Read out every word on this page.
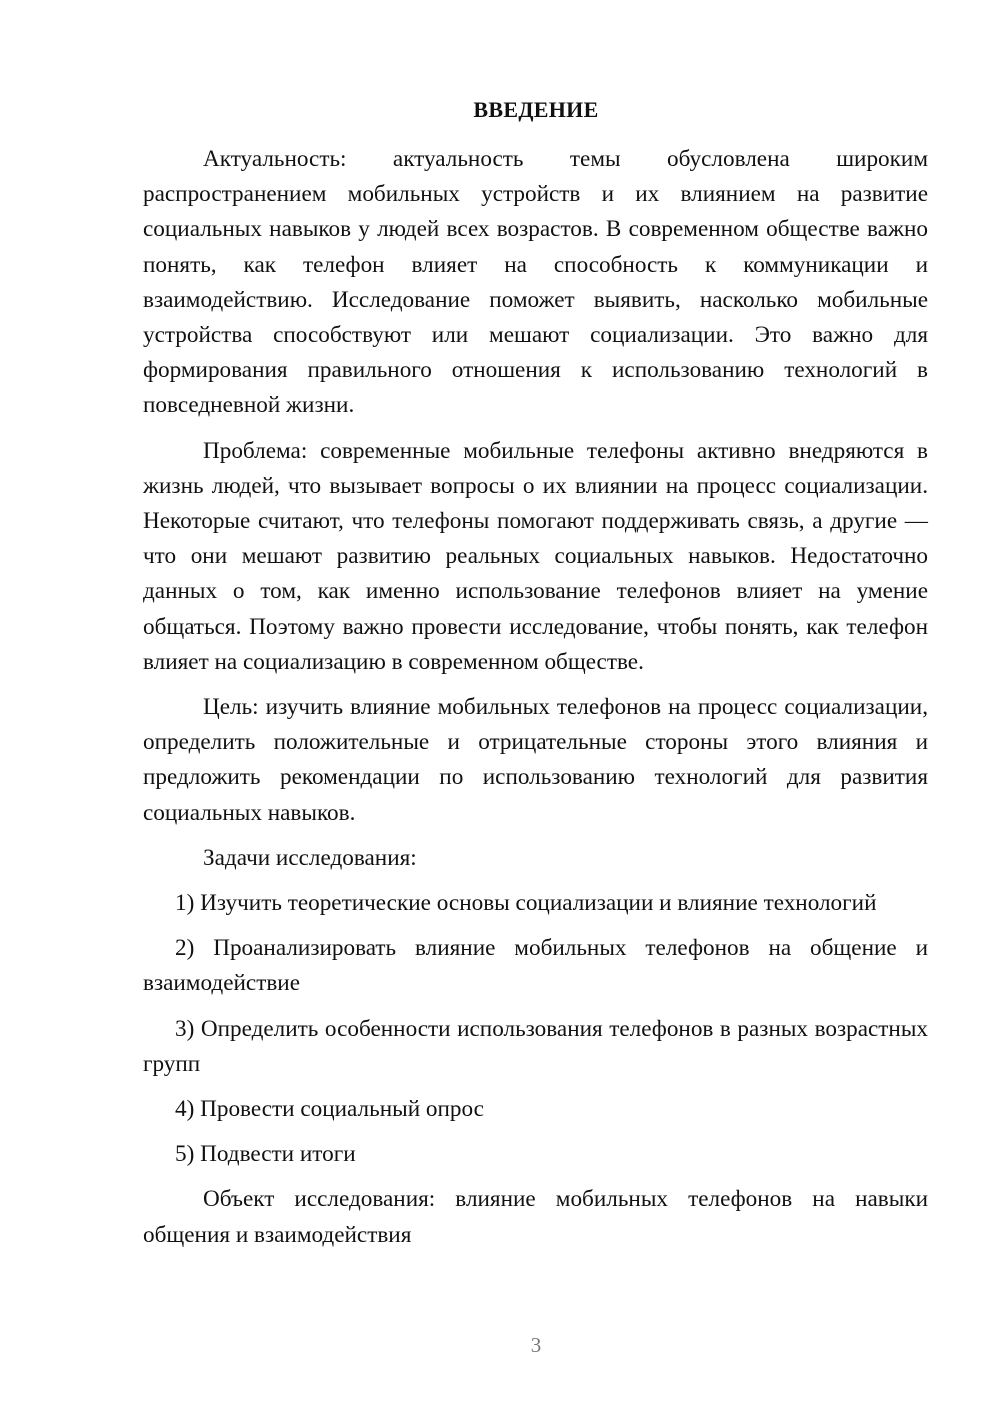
ВВЕДЕНИЕ

Актуальность: актуальность темы обусловлена широким распространением мобильных устройств и их влиянием на развитие социальных навыков у людей всех возрастов. В современном обществе важно понять, как телефон влияет на способность к коммуникации и взаимодействию. Исследование поможет выявить, насколько мобильные устройства способствуют или мешают социализации. Это важно для формирования правильного отношения к использованию технологий в повседневной жизни.

Проблема: современные мобильные телефоны активно внедряются в жизнь людей, что вызывает вопросы о их влиянии на процесс социализации. Некоторые считают, что телефоны помогают поддерживать связь, а другие — что они мешают развитию реальных социальных навыков. Недостаточно данных о том, как именно использование телефонов влияет на умение общаться. Поэтому важно провести исследование, чтобы понять, как телефон влияет на социализацию в современном обществе.

Цель: изучить влияние мобильных телефонов на процесс социализации, определить положительные и отрицательные стороны этого влияния и предложить рекомендации по использованию технологий для развития социальных навыков.

Задачи исследования:

1) Изучить теоретические основы социализации и влияние технологий

2) Проанализировать влияние мобильных телефонов на общение и взаимодействие

3) Определить особенности использования телефонов в разных возрастных групп

4) Провести социальный опрос

5) Подвести итоги

Объект исследования: влияние мобильных телефонов на навыки общения и взаимодействия

3
